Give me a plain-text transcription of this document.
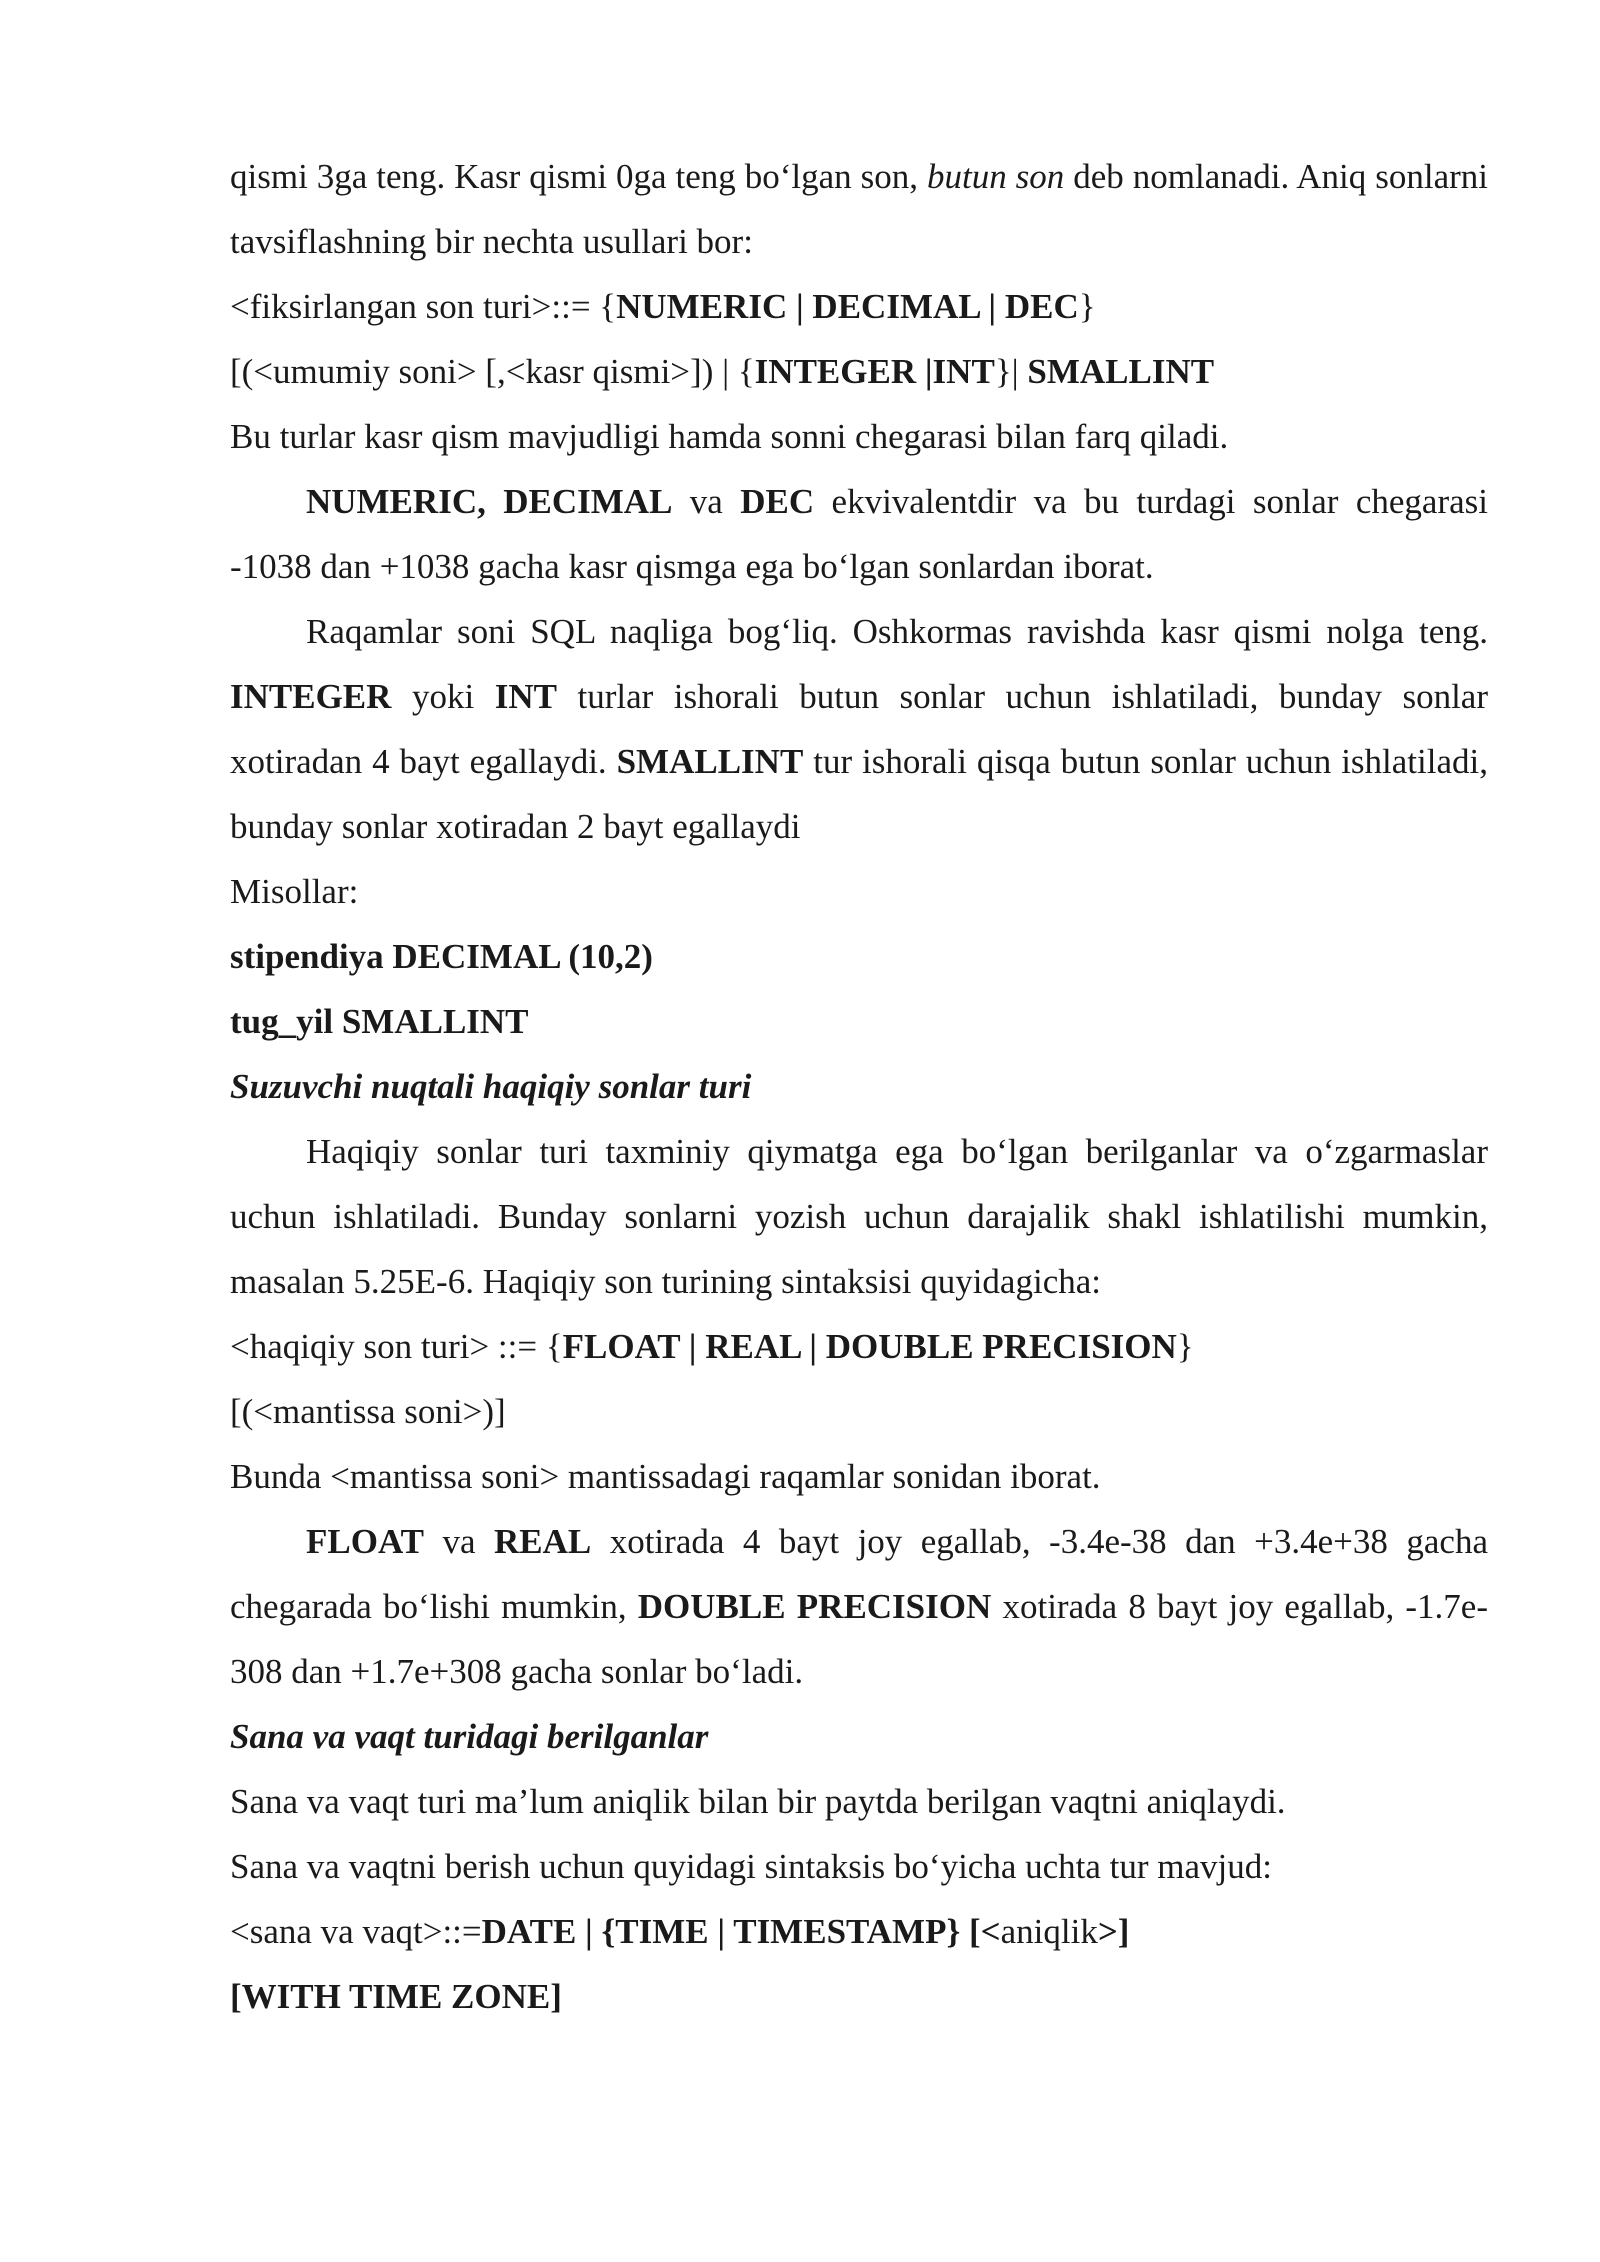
qismi 3ga teng. Kasr qismi 0ga teng bo‘lgan son, butun son deb nomlanadi. Aniq sonlarni tavsiflashning bir nechta usullari bor:

<fiksirlangan son turi>::= {NUMERIC | DECIMAL | DEC}

[(<umumiy soni> [,<kasr qismi>]) | {INTEGER |INT}| SMALLINT

Bu turlar kasr qism mavjudligi hamda sonni chegarasi bilan farq qiladi.

NUMERIC, DECIMAL va DEC ekvivalentdir va bu turdagi sonlar chegarasi -1038 dan +1038 gacha kasr qismga ega bo‘lgan sonlardan iborat.

Raqamlar soni SQL naqliga bog‘liq. Oshkormas ravishda kasr qismi nolga teng. INTEGER yoki INT turlar ishorali butun sonlar uchun ishlatiladi, bunday sonlar xotiradan 4 bayt egallaydi. SMALLINT tur ishorali qisqa butun sonlar uchun ishlatiladi, bunday sonlar xotiradan 2 bayt egallaydi

Misollar:

stipendiya DECIMAL (10,2)

tug_yil SMALLINT

Suzuvchi nuqtali haqiqiy sonlar turi

Haqiqiy sonlar turi taxminiy qiymatga ega bo‘lgan berilganlar va o‘zgarmaslar uchun ishlatiladi. Bunday sonlarni yozish uchun darajalik shakl ishlatilishi mumkin, masalan 5.25E-6. Haqiqiy son turining sintaksisi quyidagicha:

<haqiqiy son turi> ::= {FLOAT | REAL | DOUBLE PRECISION}

[(<mantissa soni>)]

Bunda <mantissa soni> mantissadagi raqamlar sonidan iborat.

FLOAT va REAL xotirada 4 bayt joy egallab, -3.4e-38 dan +3.4e+38 gacha chegarada bo‘lishi mumkin, DOUBLE PRECISION xotirada 8 bayt joy egallab, -1.7e-308 dan +1.7e+308 gacha sonlar bo‘ladi.

Sana va vaqt turidagi berilganlar

Sana va vaqt turi ma’lum aniqlik bilan bir paytda berilgan vaqtni aniqlaydi.

Sana va vaqtni berish uchun quyidagi sintaksis bo‘yicha uchta tur mavjud:

<sana va vaqt>::=DATE | {TIME | TIMESTAMP} [<aniqlik>]

[WITH TIME ZONE]
